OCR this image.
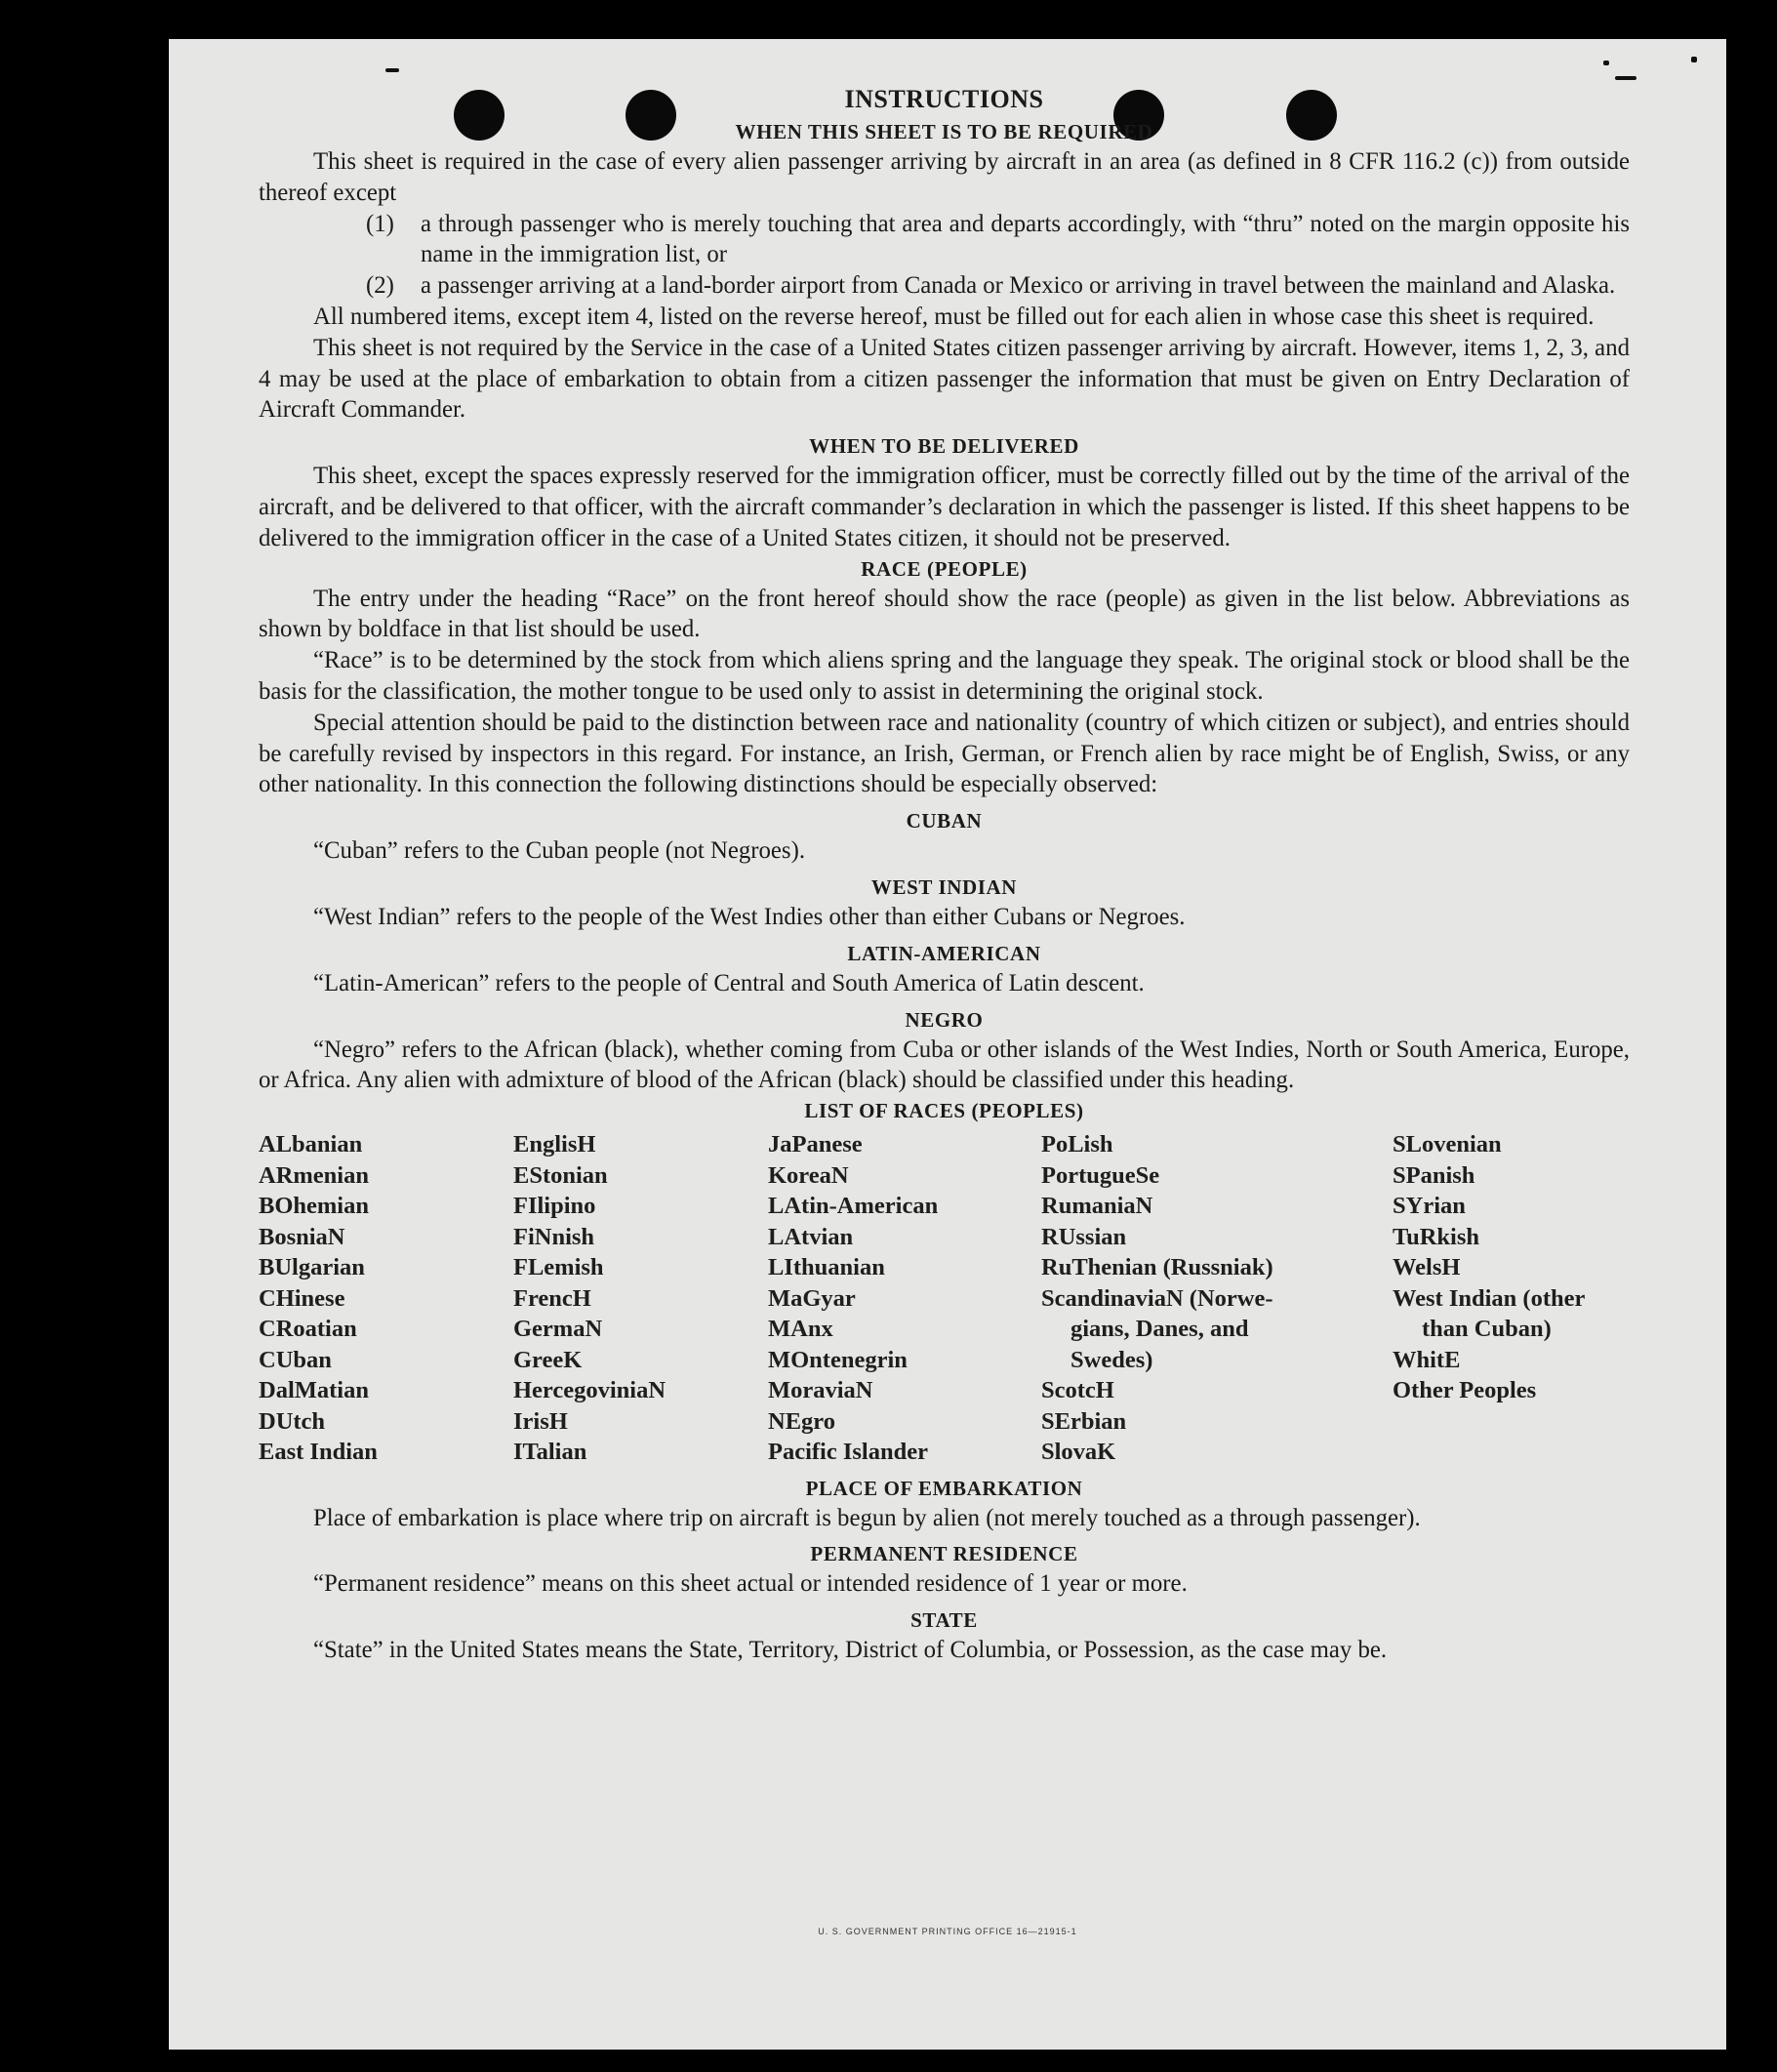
INSTRUCTIONS
WHEN THIS SHEET IS TO BE REQUIRED

This sheet is required in the case of every alien passenger arriving by aircraft in an area (as defined in 8 CFR 116.2 (c)) from outside thereof except

(1)	a through passenger who is merely touching that area and departs accordingly, with “thru” noted on the margin opposite his name in the immigration list, or
(2)	a passenger arriving at a land-border airport from Canada or Mexico or arriving in travel between the mainland and Alaska.

All numbered items, except item 4, listed on the reverse hereof, must be filled out for each alien in whose case this sheet is required.

This sheet is not required by the Service in the case of a United States citizen passenger arriving by aircraft. However, items 1, 2, 3, and 4 may be used at the place of embarkation to obtain from a citizen passenger the information that must be given on Entry Declaration of Aircraft Commander.

WHEN TO BE DELIVERED

This sheet, except the spaces expressly reserved for the immigration officer, must be correctly filled out by the time of the arrival of the aircraft, and be delivered to that officer, with the aircraft commander’s declaration in which the passenger is listed. If this sheet happens to be delivered to the immigration officer in the case of a United States citizen, it should not be preserved.

RACE (PEOPLE)

The entry under the heading “Race” on the front hereof should show the race (people) as given in the list below. Abbreviations as shown by boldface in that list should be used.

“Race” is to be determined by the stock from which aliens spring and the language they speak. The original stock or blood shall be the basis for the classification, the mother tongue to be used only to assist in determining the original stock.

Special attention should be paid to the distinction between race and nationality (country of which citizen or subject), and entries should be carefully revised by inspectors in this regard. For instance, an Irish, German, or French alien by race might be of English, Swiss, or any other nationality. In this connection the following distinctions should be especially observed:

CUBAN

“Cuban” refers to the Cuban people (not Negroes).

WEST INDIAN

“West Indian” refers to the people of the West Indies other than either Cubans or Negroes.

LATIN-AMERICAN

“Latin-American” refers to the people of Central and South America of Latin descent.

NEGRO

“Negro” refers to the African (black), whether coming from Cuba or other islands of the West Indies, North or South America, Europe, or Africa. Any alien with admixture of blood of the African (black) should be classified under this heading.

LIST OF RACES (PEOPLES)
ALbanian
ARmenian
BOhemian
BosniaN
BUlgarian
CHinese
CRoatian
CUban
DalMatian
DUtch
East Indian
EnglisH
EStonian
FIlipino
FiNnish
FLemish
FrencH
GermaN
GreeK
HercegoviniaN
IrisH
ITalian
JaPanese
KoreaN
LAtin-American
LAtvian
LIthuanian
MaGyar
MAnx
MOntenegrin
MoraviaN
NEgro
Pacific Islander
PoLish
PortugueSe
RumaniaN
RUssian
RuThenian (Russniak)
ScandinaviaN (Norwe-
gians, Danes, and
Swedes)
ScotcH
SErbian
SlovaK
SLovenian
SPanish
SYrian
TuRkish
WelsH
West Indian (other
than Cuban)
WhitE
Other Peoples
PLACE OF EMBARKATION

Place of embarkation is place where trip on aircraft is begun by alien (not merely touched as a through passenger).

PERMANENT RESIDENCE

“Permanent residence” means on this sheet actual or intended residence of 1 year or more.

STATE

“State” in the United States means the State, Territory, District of Columbia, or Possession, as the case may be.

U. S. GOVERNMENT PRINTING OFFICE 16—21915-1
